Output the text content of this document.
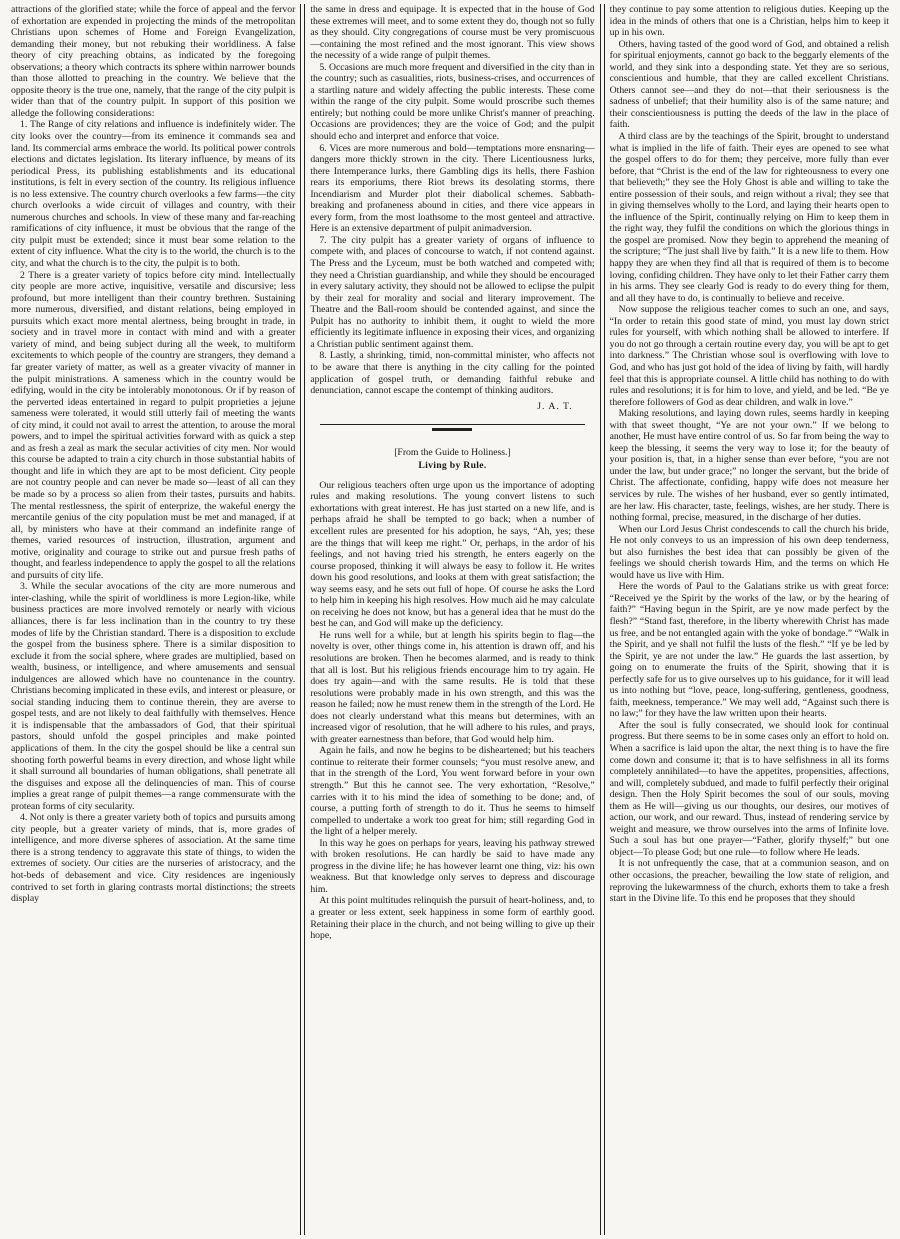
attractions of the glorified state; while the force of appeal and the fervor of exhortation are expended in projecting the minds of the metropolitan Christians upon schemes of Home and Foreign Evangelization, demanding their money, but not rebuking their worldliness. A false theory of city preaching obtains, as indicated by the foregoing observations; a theory which contracts its sphere within narrower bounds than those allotted to preaching in the country. We believe that the opposite theory is the true one, namely, that the range of the city pulpit is wider than that of the country pulpit. In support of this position we alledge the following considerations:

1. The Range of city relations and influence is indefinitely wider. The city looks over the country—from its eminence it commands sea and land. Its commercial arms embrace the world. Its political power controls elections and dictates legislation. Its literary influence, by means of its periodical Press, its publishing establishments and its educational institutions, is felt in every section of the country. Its religious influence is no less extensive. The country church overlooks a few farms—the city church overlooks a wide circuit of villages and country, with their numerous churches and schools. In view of these many and far-reaching ramifications of city influence, it must be obvious that the range of the city pulpit must be extended; since it must bear some relation to the extent of city influence. What the city is to the world, the church is to the city, and what the church is to the city, the pulpit is to both.

2 There is a greater variety of topics before city mind. Intellectually city people are more active, inquisitive, versatile and discursive; less profound, but more intelligent than their country brethren. Sustaining more numerous, diversified, and distant relations, being employed in pursuits which exact more mental alertness, being brought in trade, in society and in travel more in contact with mind and with a greater variety of mind, and being subject during all the week, to multiform excitements to which people of the country are strangers, they demand a far greater variety of matter, as well as a greater vivacity of manner in the pulpit ministrations. A sameness which in the country would be edifying, would in the city be intolerably monotonous. Or if by reason of the perverted ideas entertained in regard to pulpit proprieties a jejune sameness were tolerated, it would still utterly fail of meeting the wants of city mind, it could not avail to arrest the attention, to arouse the moral powers, and to impel the spiritual activities forward with as quick a step and as fresh a zeal as mark the secular activities of city men. Nor would this course be adapted to train a city church in those substantial habits of thought and life in which they are apt to be most deficient. City people are not country people and can never be made so—least of all can they be made so by a process so alien from their tastes, pursuits and habits. The mental restlessness, the spirit of enterprize, the wakeful energy the mercantile genius of the city population must be met and managed, if at all, by ministers who have at their command an indefinite range of themes, varied resources of instruction, illustration, argument and motive, originality and courage to strike out and pursue fresh paths of thought, and fearless independence to apply the gospel to all the relations and pursuits of city life.

3. While the secular avocations of the city are more numerous and inter-clashing, while the spirit of worldliness is more Legion-like, while business practices are more involved remotely or nearly with vicious alliances, there is far less inclination than in the country to try these modes of life by the Christian standard. There is a disposition to exclude the gospel from the business sphere. There is a similar disposition to exclude it from the social sphere, where grades are multiplied, based on wealth, business, or intelligence, and where amusements and sensual indulgences are allowed which have no countenance in the country. Christians becoming implicated in these evils, and interest or pleasure, or social standing inducing them to continue therein, they are averse to gospel tests, and are not likely to deal faithfully with themselves. Hence it is indispensable that the ambassadors of God, that their spiritual pastors, should unfold the gospel principles and make pointed applications of them. In the city the gospel should be like a central sun shooting forth powerful beams in every direction, and whose light while it shall surround all boundaries of human obligations, shall penetrate all the disguises and expose all the delinquencies of man. This of course implies a great range of pulpit themes—a range commensurate with the protean forms of city secularity.

4. Not only is there a greater variety both of topics and pursuits among city people, but a greater variety of minds, that is, more grades of intelligence, and more diverse spheres of association. At the same time there is a strong tendency to aggravate this state of things, to widen the extremes of society. Our cities are the nurseries of aristocracy, and the hot-beds of debasement and vice. City residences are ingeniously contrived to set forth in glaring contrasts mortal distinctions; the streets display

the same in dress and equipage. It is expected that in the house of God these extremes will meet, and to some extent they do, though not so fully as they should. City congregations of course must be very promiscuous—containing the most refined and the most ignorant. This view shows the necessity of a wide range of pulpit themes.

5. Occasions are much more frequent and diversified in the city than in the country; such as casualities, riots, business-crises, and occurrences of a startling nature and widely affecting the public interests. These come within the range of the city pulpit. Some would proscribe such themes entirely; but nothing could be more unlike Christ's manner of preaching. Occasions are providences; they are the voice of God; and the pulpit should echo and interpret and enforce that voice.

6. Vices are more numerous and bold—temptations more ensnaring—dangers more thickly strown in the city. There Licentiousness lurks, there Intemperance lurks, there Gambling digs its hells, there Fashion rears its emporiums, there Riot brews its desolating storms, there Incendiarism and Murder plot their diabolical schemes. Sabbath-breaking and profaneness abound in cities, and there vice appears in every form, from the most loathsome to the most genteel and attractive. Here is an extensive department of pulpit animadversion.

7. The city pulpit has a greater variety of organs of influence to compete with, and places of concourse to watch, if not contend against. The Press and the Lyceum, must be both watched and competed with; they need a Christian guardianship, and while they should be encouraged in every salutary activity, they should not be allowed to eclipse the pulpit by their zeal for morality and social and literary improvement. The Theatre and the Ball-room should be contended against, and since the Pulpit has no authority to inhibit them, it ought to wield the more efficiently its legitimate influence in exposing their vices, and organizing a Christian public sentiment against them.

8. Lastly, a shrinking, timid, non-committal minister, who affects not to be aware that there is anything in the city calling for the pointed application of gospel truth, or demanding faithful rebuke and denunciation, cannot escape the contempt of thinking auditors.

J. A. T.

[From the Guide to Holiness.]

Living by Rule.

Our religious teachers often urge upon us the importance of adopting rules and making resolutions. The young convert listens to such exhortations with great interest. He has just started on a new life, and is perhaps afraid he shall be tempted to go back; when a number of excellent rules are presented for his adoption, he says, “Ah, yes; these are the things that will keep me right.” Or, perhaps, in the ardor of his feelings, and not having tried his strength, he enters eagerly on the course proposed, thinking it will always be easy to follow it. He writes down his good resolutions, and looks at them with great satisfaction; the way seems easy, and he sets out full of hope. Of course he asks the Lord to help him in keeping his high resolves. How much aid he may calculate on receiving he does not know, but has a general idea that he must do the best he can, and God will make up the deficiency.

He runs well for a while, but at length his spirits begin to flag—the novelty is over, other things come in, his attention is drawn off, and his resolutions are broken. Then he becomes alarmed, and is ready to think that all is lost. But his religious friends encourage him to try again. He does try again—and with the same results. He is told that these resolutions were probably made in his own strength, and this was the reason he failed; now he must renew them in the strength of the Lord. He does not clearly understand what this means but determines, with an increased vigor of resolution, that he will adhere to his rules, and prays, with greater earnestness than before, that God would help him.

Again he fails, and now he begins to be disheartened; but his teachers continue to reiterate their former counsels; “you must resolve anew, and that in the strength of the Lord, You went forward before in your own strength.” But this he cannot see. The very exhortation, “Resolve,” carries with it to his mind the idea of something to be done; and, of course, a putting forth of strength to do it. Thus he seems to himself compelled to undertake a work too great for him; still regarding God in the light of a helper merely.

In this way he goes on perhaps for years, leaving his pathway strewed with broken resolutions. He can hardly be said to have made any progress in the divine life; he has however learnt one thing, viz: his own weakness. But that knowledge only serves to depress and discourage him.

At this point multitudes relinquish the pursuit of heart-holiness, and, to a greater or less extent, seek happiness in some form of earthly good. Retaining their place in the church, and not being willing to give up their hope,

they continue to pay some attention to religious duties. Keeping up the idea in the minds of others that one is a Christian, helps him to keep it up in his own.

Others, having tasted of the good word of God, and obtained a relish for spiritual enjoyments, cannot go back to the beggarly elements of the world, and they sink into a desponding state. Yet they are so serious, conscientious and humble, that they are called excellent Christians. Others cannot see—and they do not—that their seriousness is the sadness of unbelief; that their humility also is of the same nature; and their conscientiousness is putting the deeds of the law in the place of faith.

A third class are by the teachings of the Spirit, brought to understand what is implied in the life of faith. Their eyes are opened to see what the gospel offers to do for them; they perceive, more fully than ever before, that “Christ is the end of the law for righteousness to every one that believeth;” they see the Holy Ghost is able and willing to take the entire possession of their souls, and reign without a rival; they see that in giving themselves wholly to the Lord, and laying their hearts open to the influence of the Spirit, continually relying on Him to keep them in the right way, they fulfil the conditions on which the glorious things in the gospel are promised. Now they begin to apprehend the meaning of the scripture; “The just shall live by faith.” It is a new life to them. How happy they are when they find all that is required of them is to become loving, confiding children. They have only to let their Father carry them in his arms. They see clearly God is ready to do every thing for them, and all they have to do, is continually to believe and receive.

Now suppose the religious teacher comes to such an one, and says, “In order to retain this good state of mind, you must lay down strict rules for yourself, with which nothing shall be allowed to interfere. If you do not go through a certain routine every day, you will be apt to get into darkness.” The Christian whose soul is overflowing with love to God, and who has just got hold of the idea of living by faith, will hardly feel that this is appropriate counsel. A little child has nothing to do with rules and resolutions; it is for him to love, and yield, and be led. “Be ye therefore followers of God as dear children, and walk in love.”

Making resolutions, and laying down rules, seems hardly in keeping with that sweet thought, “Ye are not your own.” If we belong to another, He must have entire control of us. So far from being the way to keep the blessing, it seems the very way to lose it; for the beauty of your position is, that, in a higher sense than ever before, “you are not under the law, but under grace;” no longer the servant, but the bride of Christ. The affectionate, confiding, happy wife does not measure her services by rule. The wishes of her husband, ever so gently intimated, are her law. His character, taste, feelings, wishes, are her study. There is nothing formal, precise, measured, in the discharge of her duties.

When our Lord Jesus Christ condescends to call the church his bride, He not only conveys to us an impression of his own deep tenderness, but also furnishes the best idea that can possibly be given of the feelings we should cherish towards Him, and the terms on which He would have us live with Him.

Here the words of Paul to the Galatians strike us with great force: “Received ye the Spirit by the works of the law, or by the hearing of faith?” “Having begun in the Spirit, are ye now made perfect by the flesh?” “Stand fast, therefore, in the liberty wherewith Christ has made us free, and be not entangled again with the yoke of bondage.” “Walk in the Spirit, and ye shall not fulfil the lusts of the flesh.” “If ye be led by the Spirit, ye are not under the law.” He guards the last assertion, by going on to enumerate the fruits of the Spirit, showing that it is perfectly safe for us to give ourselves up to his guidance, for it will lead us into nothing but “love, peace, long-suffering, gentleness, goodness, faith, meekness, temperance.” We may well add, “Against such there is no law;” for they have the law written upon their hearts.

After the soul is fully consecrated, we should look for continual progress. But there seems to be in some cases only an effort to hold on. When a sacrifice is laid upon the altar, the next thing is to have the fire come down and consume it; that is to have selfishness in all its forms completely annihilated—to have the appetites, propensities, affections, and will, completely subdued, and made to fulfil perfectly their original design. Then the Holy Spirit becomes the soul of our souls, moving them as He will—giving us our thoughts, our desires, our motives of action, our work, and our reward. Thus, instead of rendering service by weight and measure, we throw ourselves into the arms of Infinite love. Such a soul has but one prayer—“Father, glorify thyself;” but one object—To please God; but one rule—to follow where He leads.

It is not unfrequently the case, that at a communion season, and on other occasions, the preacher, bewailing the low state of religion, and reproving the lukewarmness of the church, exhorts them to take a fresh start in the Divine life. To this end he proposes that they should
